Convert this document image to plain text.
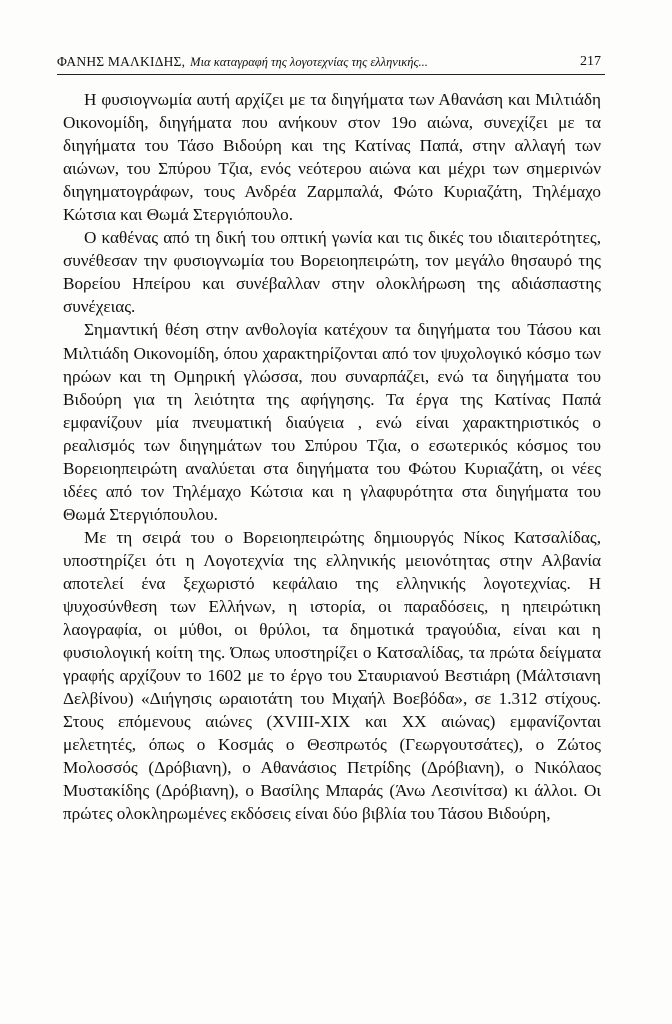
ΦΑΝΗΣ ΜΑΛΚΙΔΗΣ, Μια καταγραφή της λογοτεχνίας της ελληνικής...	217

Η φυσιογνωμία αυτή αρχίζει με τα διηγήματα των Αθανάση και Μιλτιάδη Οικονομίδη, διηγήματα που ανήκουν στον 19ο αιώνα, συνεχίζει με τα διηγήματα του Τάσο Βιδούρη και της Κατίνας Παπά, στην αλλαγή των αιώνων, του Σπύρου Τζια, ενός νεότερου αιώνα και μέχρι των σημερινών διηγηματογράφων, τους Ανδρέα Ζαρμπαλά, Φώτο Κυριαζάτη, Τηλέμαχο Κώτσια και Θωμά Στεργιόπουλο.

Ο καθένας από τη δική του οπτική γωνία και τις δικές του ιδιαιτερότητες, συνέθεσαν την φυσιογνωμία του Βορειοηπειρώτη, τον μεγάλο θησαυρό της Βορείου Ηπείρου και συνέβαλλαν στην ολοκλήρωση της αδιάσπαστης συνέχειας.

Σημαντική θέση στην ανθολογία κατέχουν τα διηγήματα του Τάσου και Μιλτιάδη Οικονομίδη, όπου χαρακτηρίζονται από τον ψυχολογικό κόσμο των ηρώων και τη Ομηρική γλώσσα, που συναρπάζει, ενώ τα διηγήματα του Βιδούρη για τη λειότητα της αφήγησης. Τα έργα της Κατίνας Παπά εμφανίζουν μία πνευματική διαύγεια , ενώ είναι χαρακτηριστικός ο ρεαλισμός των διηγημάτων του Σπύρου Τζια, ο εσωτερικός κόσμος του Βορειοηπειρώτη αναλύεται στα διηγήματα του Φώτου Κυριαζάτη, οι νέες ιδέες από τον Τηλέμαχο Κώτσια και η γλαφυρότητα στα διηγήματα του Θωμά Στεργιόπουλου.

Με τη σειρά του ο Βορειοηπειρώτης δημιουργός Νίκος Κατσαλίδας, υποστηρίζει ότι η Λογοτεχνία της ελληνικής μειονότητας στην Αλβανία αποτελεί ένα ξεχωριστό κεφάλαιο της ελληνικής λογοτεχνίας. Η ψυχοσύνθεση των Ελλήνων, η ιστορία, οι παραδόσεις, η ηπειρώτικη λαογραφία, οι μύθοι, οι θρύλοι, τα δημοτικά τραγούδια, είναι και η φυσιολογική κοίτη της. Όπως υποστηρίζει ο Κατσαλίδας, τα πρώτα δείγματα γραφής αρχίζουν το 1602 με το έργο του Σταυριανού Βεστιάρη (Μάλτσιανη Δελβίνου) «Διήγησις ωραιοτάτη του Μιχαήλ Βοεβόδα», σε 1.312 στίχους. Στους επόμενους αιώνες (XVIII-XIX και XX αιώνας) εμφανίζονται μελετητές, όπως ο Κοσμάς ο Θεσπρωτός (Γεωργουτσάτες), ο Ζώτος Μολοσσός (Δρόβιανη), ο Αθανάσιος Πετρίδης (Δρόβιανη), ο Νικόλαος Μυστακίδης (Δρόβιανη), ο Βασίλης Μπαράς (Άνω Λεσινίτσα) κι άλλοι. Οι πρώτες ολοκληρωμένες εκδόσεις είναι δύο βιβλία του Τάσου Βιδούρη,
